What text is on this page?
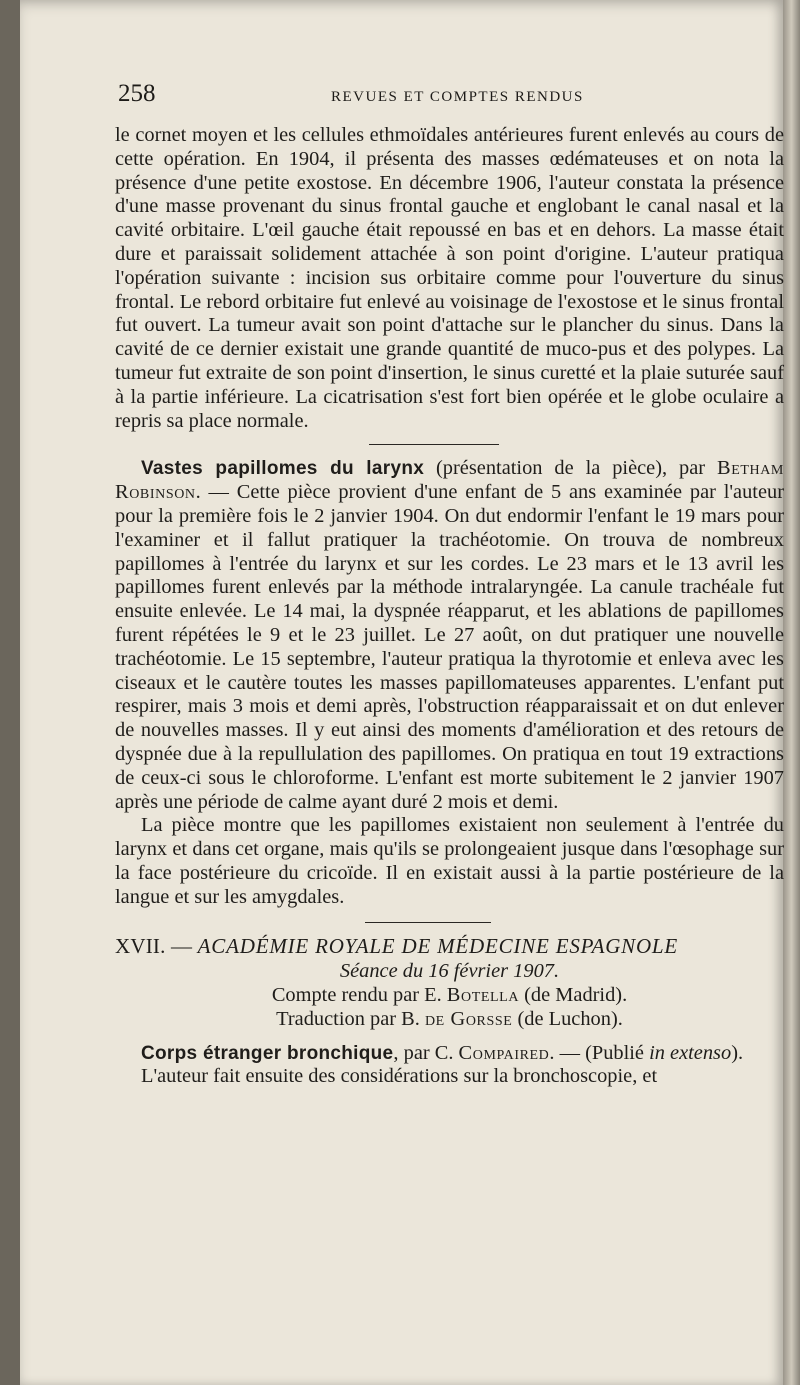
258	REVUES ET COMPTES RENDUS

le cornet moyen et les cellules ethmoïdales antérieures furent enlevés au cours de cette opération. En 1904, il présenta des masses œdémateuses et on nota la présence d'une petite exostose. En décembre 1906, l'auteur constata la présence d'une masse provenant du sinus frontal gauche et englobant le canal nasal et la cavité orbitaire. L'œil gauche était repoussé en bas et en dehors. La masse était dure et paraissait solidement attachée à son point d'origine. L'auteur pratiqua l'opération suivante : incision sus orbitaire comme pour l'ouverture du sinus frontal. Le rebord orbitaire fut enlevé au voisinage de l'exostose et le sinus frontal fut ouvert. La tumeur avait son point d'attache sur le plancher du sinus. Dans la cavité de ce dernier existait une grande quantité de muco-pus et des polypes. La tumeur fut extraite de son point d'insertion, le sinus curetté et la plaie suturée sauf à la partie inférieure. La cicatrisation s'est fort bien opérée et le globe oculaire a repris sa place normale.

Vastes papillomes du larynx (présentation de la pièce), par Betham Robinson. — Cette pièce provient d'une enfant de 5 ans examinée par l'auteur pour la première fois le 2 janvier 1904. On dut endormir l'enfant le 19 mars pour l'examiner et il fallut pratiquer la trachéotomie. On trouva de nombreux papillomes à l'entrée du larynx et sur les cordes. Le 23 mars et le 13 avril les papillomes furent enlevés par la méthode intralaryngée. La canule trachéale fut ensuite enlevée. Le 14 mai, la dyspnée réapparut, et les ablations de papillomes furent répétées le 9 et le 23 juillet. Le 27 août, on dut pratiquer une nouvelle trachéotomie. Le 15 septembre, l'auteur pratiqua la thyrotomie et enleva avec les ciseaux et le cautère toutes les masses papillomateuses apparentes. L'enfant put respirer, mais 3 mois et demi après, l'obstruction réapparaissait et on dut enlever de nouvelles masses. Il y eut ainsi des moments d'amélioration et des retours de dyspnée due à la repullulation des papillomes. On pratiqua en tout 19 extractions de ceux-ci sous le chloroforme. L'enfant est morte subitement le 2 janvier 1907 après une période de calme ayant duré 2 mois et demi.

La pièce montre que les papillomes existaient non seulement à l'entrée du larynx et dans cet organe, mais qu'ils se prolongeaient jusque dans l'œsophage sur la face postérieure du cricoïde. Il en existait aussi à la partie postérieure de la langue et sur les amygdales.

XVII. — ACADÉMIE ROYALE DE MÉDECINE ESPAGNOLE

Séance du 16 février 1907.

Compte rendu par E. Botella (de Madrid).

Traduction par B. de Gorsse (de Luchon).

Corps étranger bronchique, par C. Compaired. — (Publié in extenso).

L'auteur fait ensuite des considérations sur la bronchoscopie, et
